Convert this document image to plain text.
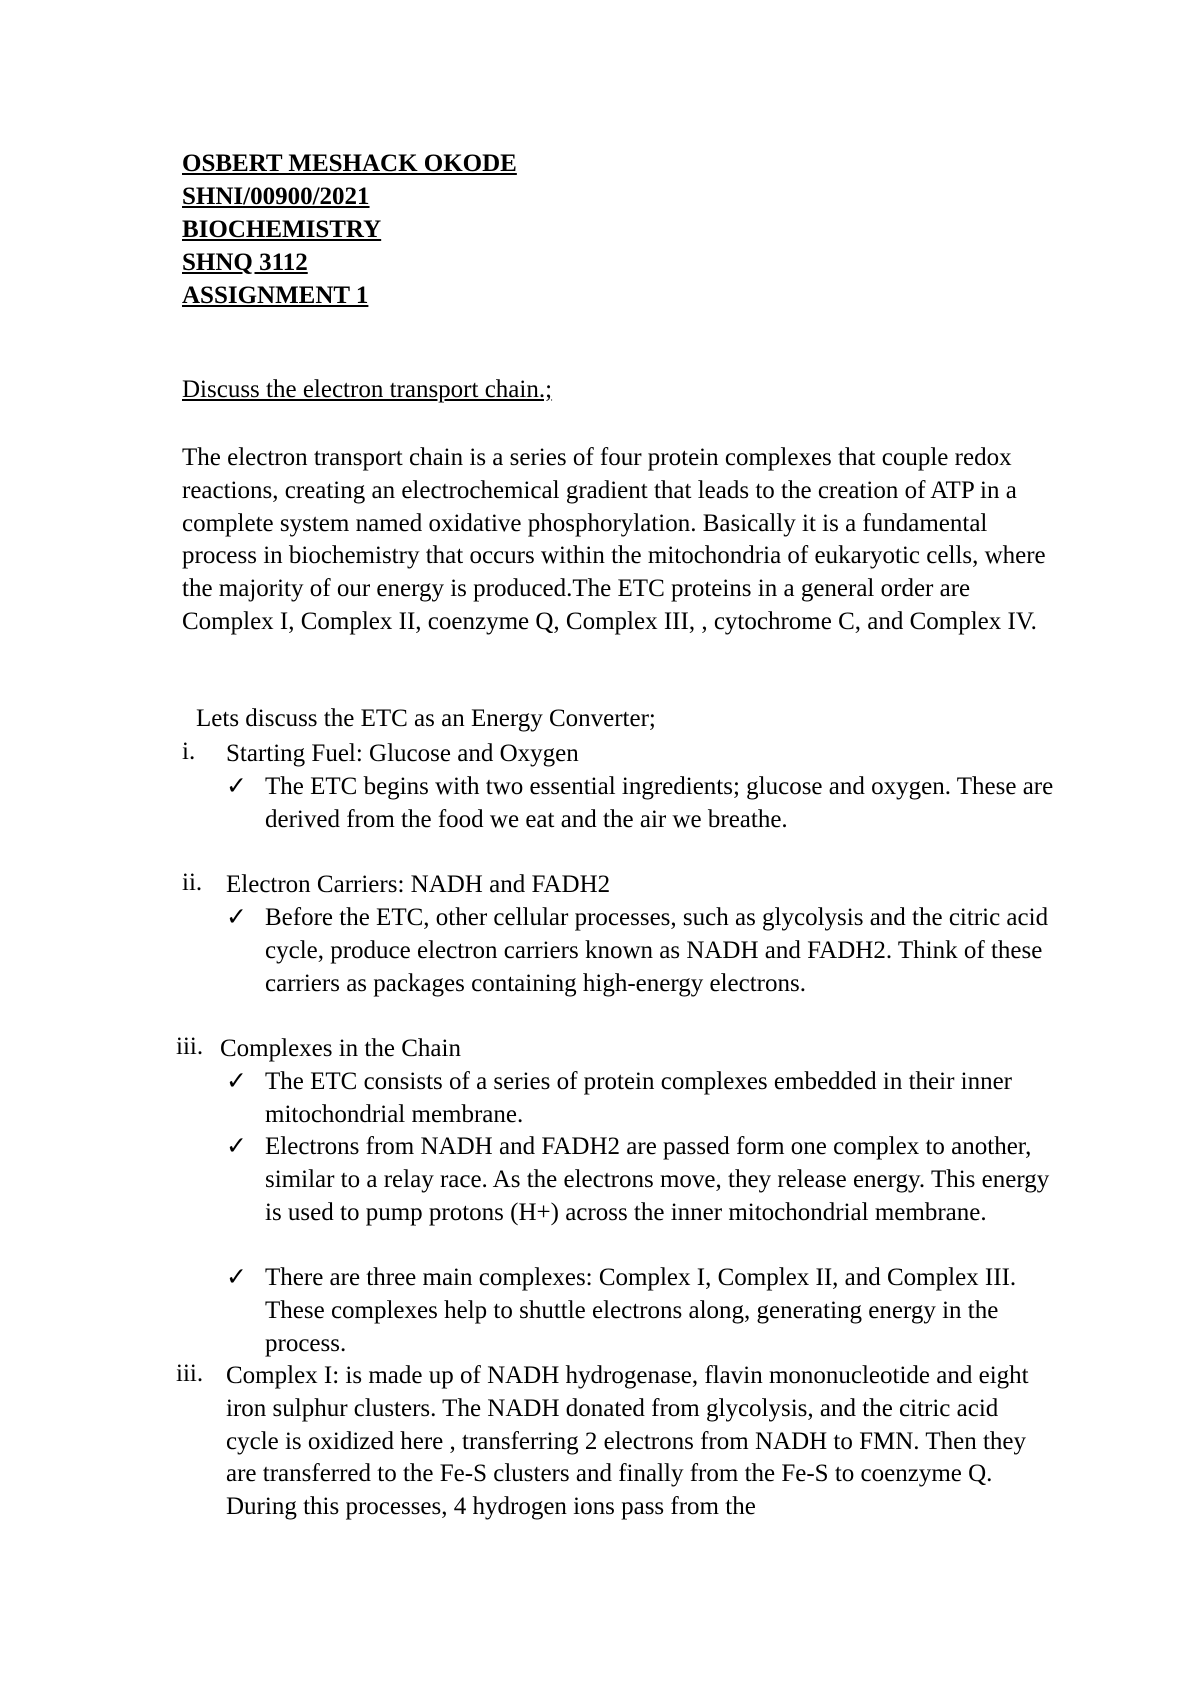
OSBERT MESHACK OKODE
SHNI/00900/2021
BIOCHEMISTRY
SHNQ 3112
ASSIGNMENT 1
Discuss the electron transport chain.;

The electron transport chain is a series of four protein complexes that couple redox reactions, creating an electrochemical gradient that leads to the creation of ATP in a complete system named oxidative phosphorylation. Basically it is a fundamental process in biochemistry that occurs within the mitochondria of eukaryotic cells, where the majority of our energy is produced.The ETC proteins in a general order are Complex I, Complex II, coenzyme Q, Complex III, , cytochrome C, and Complex IV.

Lets discuss the ETC as an Energy Converter;
i. Starting Fuel: Glucose and Oxygen
✓ The ETC begins with two essential ingredients; glucose and oxygen. These are derived from the food we eat and the air we breathe.
ii. Electron Carriers: NADH and FADH2
✓ Before the ETC, other cellular processes, such as glycolysis and the citric acid cycle, produce electron carriers known as NADH and FADH2. Think of these carriers as packages containing high-energy electrons.
iii. Complexes in the Chain
✓ The ETC consists of a series of protein complexes embedded in their inner mitochondrial membrane.
✓ Electrons from NADH and FADH2 are passed form one complex to another, similar to a relay race. As the electrons move, they release energy. This energy is used to pump protons (H+) across the inner mitochondrial membrane.
✓ There are three main complexes: Complex I, Complex II, and Complex III. These complexes help to shuttle electrons along, generating energy in the process.
iii. Complex I: is made up of NADH hydrogenase, flavin mononucleotide and eight iron sulphur clusters. The NADH donated from glycolysis, and the citric acid cycle is oxidized here , transferring 2 electrons from NADH to FMN. Then they are transferred to the Fe-S clusters and finally from the Fe-S to coenzyme Q. During this processes, 4 hydrogen ions pass from the
